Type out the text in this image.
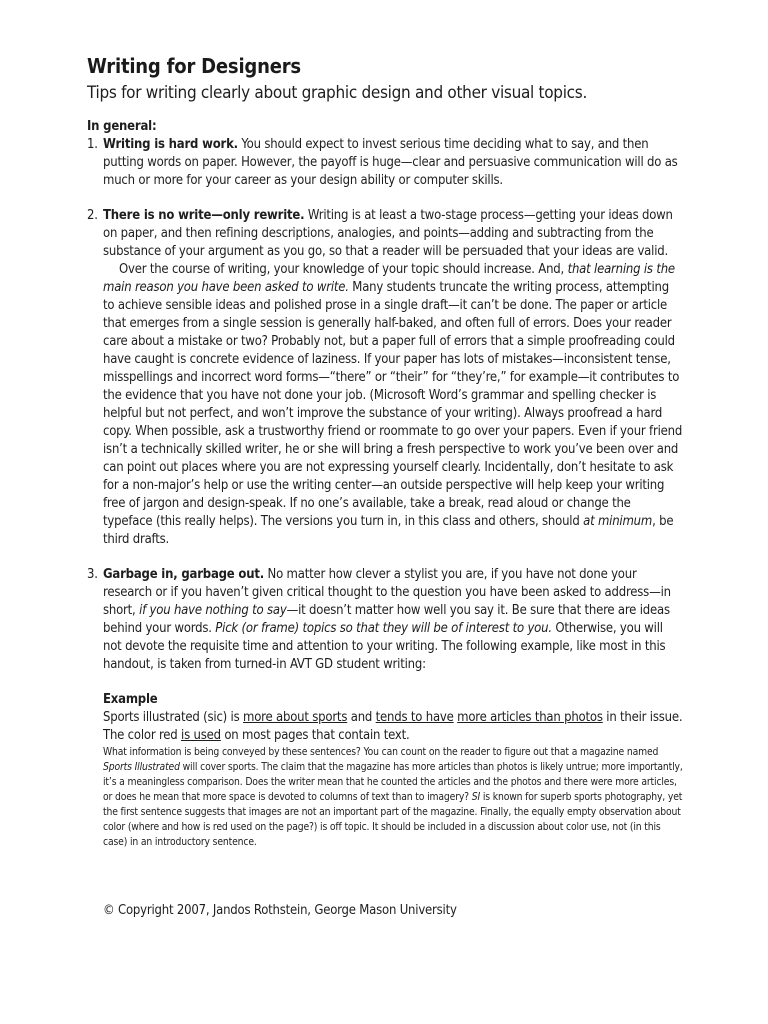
Writing for Designers
Tips for writing clearly about graphic design and other visual topics.
In general:
1. Writing is hard work. You should expect to invest serious time deciding what to say, and then putting words on paper. However, the payoff is huge—clear and persuasive communication will do as much or more for your career as your design ability or computer skills.

2. There is no write—only rewrite. Writing is at least a two-stage process—getting your ideas down on paper, and then refining descriptions, analogies, and points—adding and subtracting from the substance of your argument as you go, so that a reader will be persuaded that your ideas are valid.

Over the course of writing, your knowledge of your topic should increase. And, that learning is the main reason you have been asked to write. Many students truncate the writing process, attempting to achieve sensible ideas and polished prose in a single draft—it can’t be done. The paper or article that emerges from a single session is generally half-baked, and often full of errors. Does your reader care about a mistake or two? Probably not, but a paper full of errors that a simple proofreading could have caught is concrete evidence of laziness. If your paper has lots of mistakes—inconsistent tense, misspellings and incorrect word forms—“there” or “their” for “they’re,” for example—it contributes to the evidence that you have not done your job. (Microsoft Word’s grammar and spelling checker is helpful but not perfect, and won’t improve the substance of your writing). Always proofread a hard copy. When possible, ask a trustworthy friend or roommate to go over your papers. Even if your friend isn’t a technically skilled writer, he or she will bring a fresh perspective to work you’ve been over and can point out places where you are not expressing yourself clearly. Incidentally, don’t hesitate to ask for a non-major’s help or use the writing center—an outside perspective will help keep your writing free of jargon and design-speak. If no one’s available, take a break, read aloud or change the typeface (this really helps). The versions you turn in, in this class and others, should at minimum, be third drafts.

3. Garbage in, garbage out. No matter how clever a stylist you are, if you have not done your research or if you haven’t given critical thought to the question you have been asked to address—in short, if you have nothing to say—it doesn’t matter how well you say it. Be sure that there are ideas behind your words. Pick (or frame) topics so that they will be of interest to you. Otherwise, you will not devote the requisite time and attention to your writing. The following example, like most in this handout, is taken from turned-in AVT GD student writing:

Example

Sports illustrated (sic) is more about sports and tends to have more articles than photos in their issue. The color red is used on most pages that contain text.

What information is being conveyed by these sentences? You can count on the reader to figure out that a magazine named Sports Illustrated will cover sports. The claim that the magazine has more articles than photos is likely untrue; more importantly, it’s a meaningless comparison. Does the writer mean that he counted the articles and the photos and there were more articles, or does he mean that more space is devoted to columns of text than to imagery? SI is known for superb sports photography, yet the first sentence suggests that images are not an important part of the magazine. Finally, the equally empty observation about color (where and how is red used on the page?) is off topic. It should be included in a discussion about color use, not (in this case) in an introductory sentence.

© Copyright 2007, Jandos Rothstein, George Mason University
